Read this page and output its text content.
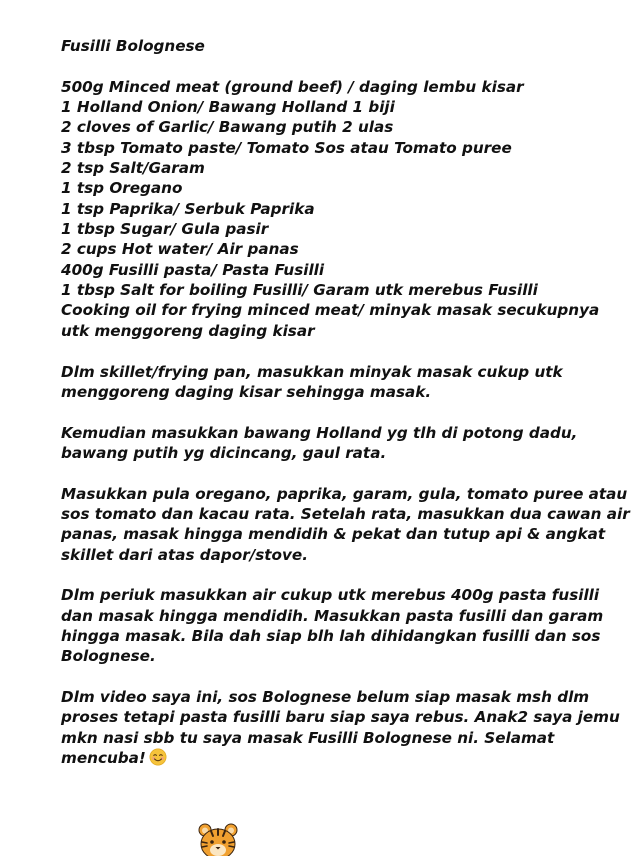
Fusilli Bolognese
500g Minced meat (ground beef) / daging lembu kisar
1 Holland Onion/ Bawang Holland 1 biji
2 cloves of Garlic/ Bawang putih 2 ulas
3 tbsp Tomato paste/ Tomato Sos atau Tomato puree
2 tsp Salt/Garam
1 tsp Oregano
1 tsp Paprika/ Serbuk Paprika
1 tbsp Sugar/ Gula pasir
2 cups Hot water/ Air panas
400g Fusilli pasta/ Pasta Fusilli
1 tbsp Salt for boiling Fusilli/ Garam utk merebus Fusilli
Cooking oil for frying minced meat/ minyak masak secukupnya utk menggoreng daging kisar

Dlm skillet/frying pan, masukkan minyak masak cukup utk menggoreng daging kisar sehingga masak.

Kemudian masukkan bawang Holland yg tlh di potong dadu, bawang putih yg dicincang, gaul rata.

Masukkan pula oregano, paprika, garam, gula, tomato puree atau sos tomato dan kacau rata. Setelah rata, masukkan dua cawan air panas, masak hingga mendidih & pekat dan tutup api & angkat skillet dari atas dapor/stove.

Dlm periuk masukkan air cukup utk merebus 400g pasta fusilli dan masak hingga mendidih. Masukkan pasta fusilli dan garam hingga masak. Bila dah siap blh lah dihidangkan fusilli dan sos Bolognese.

Dlm video saya ini, sos Bolognese belum siap masak msh dlm proses tetapi pasta fusilli baru siap saya rebus. Anak2 saya jemu mkn nasi sbb tu saya masak Fusilli Bolognese ni. Selamat mencuba!
